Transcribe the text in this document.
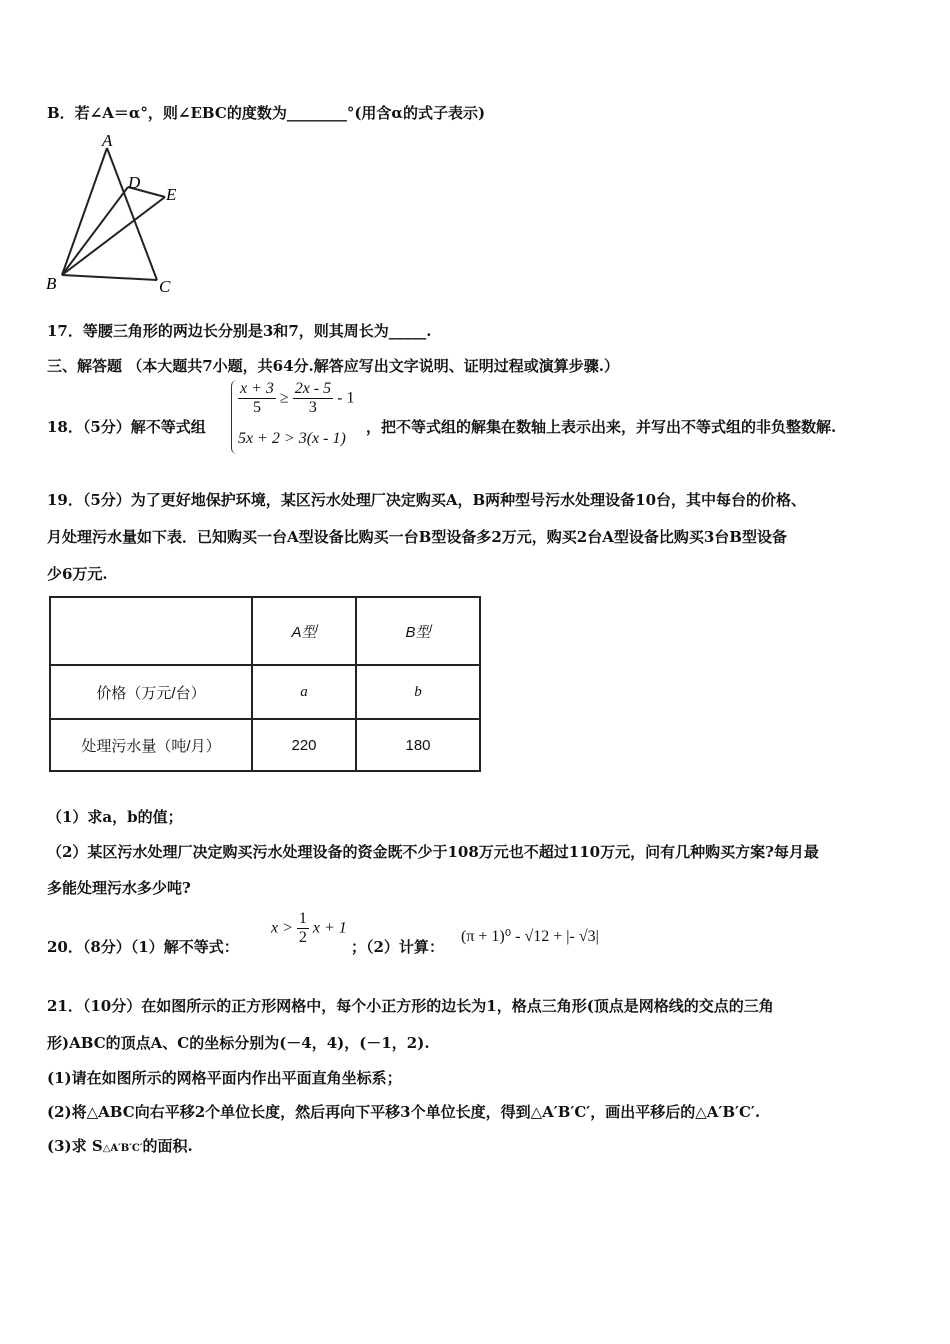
B．若∠A＝α°，则∠EBC的度数为________°(用含α的式子表示)
A
D
E
B	C
17．等腰三角形的两边长分别是3和7，则其周长为_____.
三、解答题 （本大题共7小题，共64分.解答应写出文字说明、证明过程或演算步骤.）
18．（5分）解不等式组
$\frac{x + 3}{5} \ge \frac{2x - 5}{3} - 1$
5x + 2 > 3(x - 1)
，把不等式组的解集在数轴上表示出来，并写出不等式组的非负整数解.
19．（5分）为了更好地保护环境，某区污水处理厂决定购买A，B两种型号污水处理设备10台，其中每台的价格、
月处理污水量如下表．已知购买一台A型设备比购买一台B型设备多2万元，购买2台A型设备比购买3台B型设备
少6万元.
	A型	B型
价格（万元/台）	a	b
处理污水量（吨/月）	220	180
（1）求a，b的值；
（2）某区污水处理厂决定购买污水处理设备的资金既不少于108万元也不超过110万元，问有几种购买方案?每月最
多能处理污水多少吨?
20．（8分）（1）解不等式：
$x > \frac{1}{2}$ x + 1
；（2）计算：
(π + 1)⁰ - √12 + |- √3|
21．（10分）在如图所示的正方形网格中，每个小正方形的边长为1，格点三角形(顶点是网格线的交点的三角
形)ABC的顶点A、C的坐标分别为(－4，4)，(－1，2).
(1)请在如图所示的网格平面内作出平面直角坐标系；
(2)将△ABC向右平移2个单位长度，然后再向下平移3个单位长度，得到△A′B′C′，画出平移后的△A′B′C′.
(3)求 S△A′B′C′的面积.
